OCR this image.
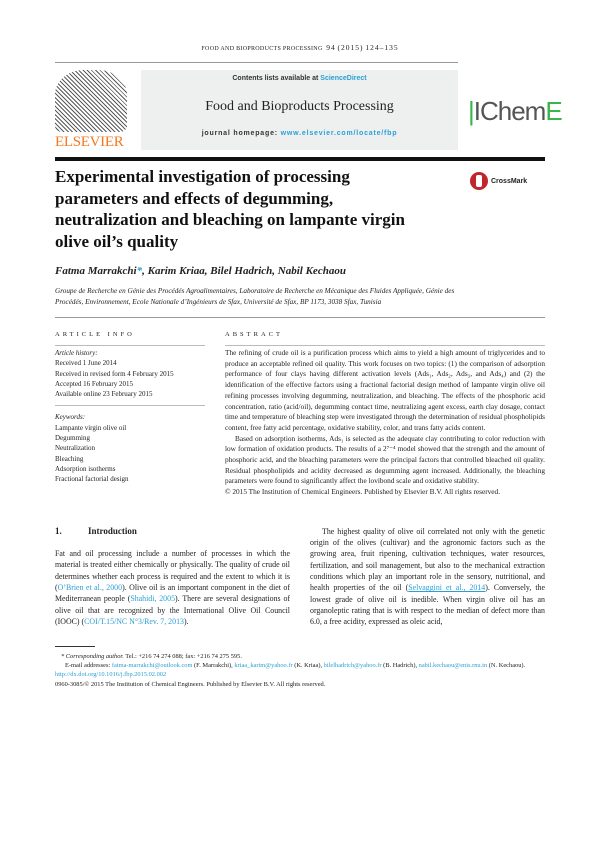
FOOD AND BIOPRODUCTS PROCESSING 94 (2015) 124–135
ELSEVIER
Contents lists available at ScienceDirect
Food and Bioproducts Processing
journal homepage: www.elsevier.com/locate/fbp
|IChemE
Experimental investigation of processing parameters and effects of degumming, neutralization and bleaching on lampante virgin olive oil’s quality
CrossMark
Fatma Marrakchi*, Karim Kriaa, Bilel Hadrich, Nabil Kechaou
Groupe de Recherche en Génie des Procédés Agroalimentaires, Laboratoire de Recherche en Mécanique des Fluides Appliquée, Génie des Procédés, Environnement, Ecole Nationale d’Ingénieurs de Sfax, Université de Sfax, BP 1173, 3038 Sfax, Tunisia
ARTICLE INFO
Article history:
Received 1 June 2014
Received in revised form 4 February 2015
Accepted 16 February 2015
Available online 23 February 2015
Keywords:
Lampante virgin olive oil
Degumming
Neutralization
Bleaching
Adsorption isotherms
Fractional factorial design
ABSTRACT

The refining of crude oil is a purification process which aims to yield a high amount of triglycerides and to produce an acceptable refined oil quality. This work focuses on two topics: (1) the comparison of adsorption performance of four clays having different activation levels (Ads₁, Ads₂, Ads₃, and Ads₄) and (2) the identification of the effective factors using a fractional factorial design method of lampante virgin olive oil refining processes involving degumming, neutralization, and bleaching. The effects of the phosphoric acid concentration, ratio (acid/oil), degumming contact time, neutralizing agent excess, earth clay dosage, contact time and temperature of bleaching step were investigated through the determination of residual phospholipids content, free fatty acid percentage, oxidative stability, color, and trans fatty acids content.

Based on adsorption isotherms, Ads₁ is selected as the adequate clay contributing to color reduction with low formation of oxidation products. The results of a 2⁷⁻⁴ model showed that the strength and the amount of phosphoric acid, and the bleaching parameters were the principal factors that controlled bleached oil quality. Residual phospholipids and acidity decreased as degumming agent increased. Additionally, the bleaching parameters were found to significantly affect the lovibond scale and oxidative stability.

© 2015 The Institution of Chemical Engineers. Published by Elsevier B.V. All rights reserved.
1.	Introduction
Fat and oil processing include a number of processes in which the material is treated either chemically or physically. The quality of crude oil determines whether each process is required and the extent to which it is (O’Brien et al., 2000). Olive oil is an important component in the diet of Mediterranean people (Shahidi, 2005). There are several designations of olive oil that are recognized by the International Olive Oil Council (IOOC) (COI/T.15/NC N°3/Rev. 7, 2013).
The highest quality of olive oil correlated not only with the genetic origin of the olives (cultivar) and the agronomic factors such as the growing area, fruit ripening, cultivation techniques, water resources, fertilization, and soil management, but also to the mechanical extraction conditions which play an important role in the sensory, nutritional, and health properties of the oil (Selvaggini et al., 2014). Conversely, the lowest grade of olive oil is inedible. When virgin olive oil has an organoleptic rating that is with respect to the median of defect more than 6.0, a free acidity, expressed as oleic acid,
* Corresponding author. Tel.: +216 74 274 088; fax: +216 74 275 595.
E-mail addresses: fatma-marrakchi@outlook.com (F. Marrakchi), kriaa_karim@yahoo.fr (K. Kriaa), bilelhadrich@yahoo.fr (B. Hadrich), nabil.kechaou@enis.rnu.tn (N. Kechaou).
http://dx.doi.org/10.1016/j.fbp.2015.02.002
0960-3085/© 2015 The Institution of Chemical Engineers. Published by Elsevier B.V. All rights reserved.
